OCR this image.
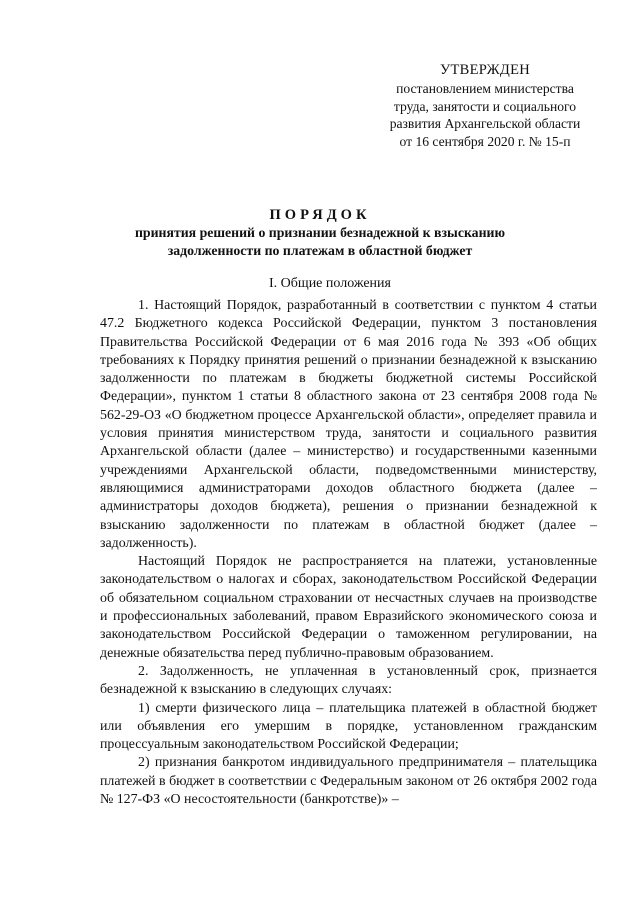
УТВЕРЖДЕН
постановлением министерства
труда, занятости и социального
развития Архангельской области
от 16 сентября 2020 г. № 15-п
ПОРЯДОК
принятия решений о признании безнадежной к взысканию
задолженности по платежам в областной бюджет
I. Общие положения

1. Настоящий Порядок, разработанный в соответствии с пунктом 4 статьи 47.2 Бюджетного кодекса Российской Федерации, пунктом 3 постановления Правительства Российской Федерации от 6 мая 2016 года № 393 «Об общих требованиях к Порядку принятия решений о признании безнадежной к взысканию задолженности по платежам в бюджеты бюджетной системы Российской Федерации», пунктом 1 статьи 8 областного закона от 23 сентября 2008 года № 562-29-ОЗ «О бюджетном процессе Архангельской области», определяет правила и условия принятия министерством труда, занятости и социального развития Архангельской области (далее – министерство) и государственными казенными учреждениями Архангельской области, подведомственными министерству, являющимися администраторами доходов областного бюджета (далее – администраторы доходов бюджета), решения о признании безнадежной к взысканию задолженности по платежам в областной бюджет (далее – задолженность).

Настоящий Порядок не распространяется на платежи, установленные законодательством о налогах и сборах, законодательством Российской Федерации об обязательном социальном страховании от несчастных случаев на производстве и профессиональных заболеваний, правом Евразийского экономического союза и законодательством Российской Федерации о таможенном регулировании, на денежные обязательства перед публично-правовым образованием.

2. Задолженность, не уплаченная в установленный срок, признается безнадежной к взысканию в следующих случаях:

1) смерти физического лица – плательщика платежей в областной бюджет или объявления его умершим в порядке, установленном гражданским процессуальным законодательством Российской Федерации;

2) признания банкротом индивидуального предпринимателя – плательщика платежей в бюджет в соответствии с Федеральным законом от 26 октября 2002 года № 127-ФЗ «О несостоятельности (банкротстве)» –
